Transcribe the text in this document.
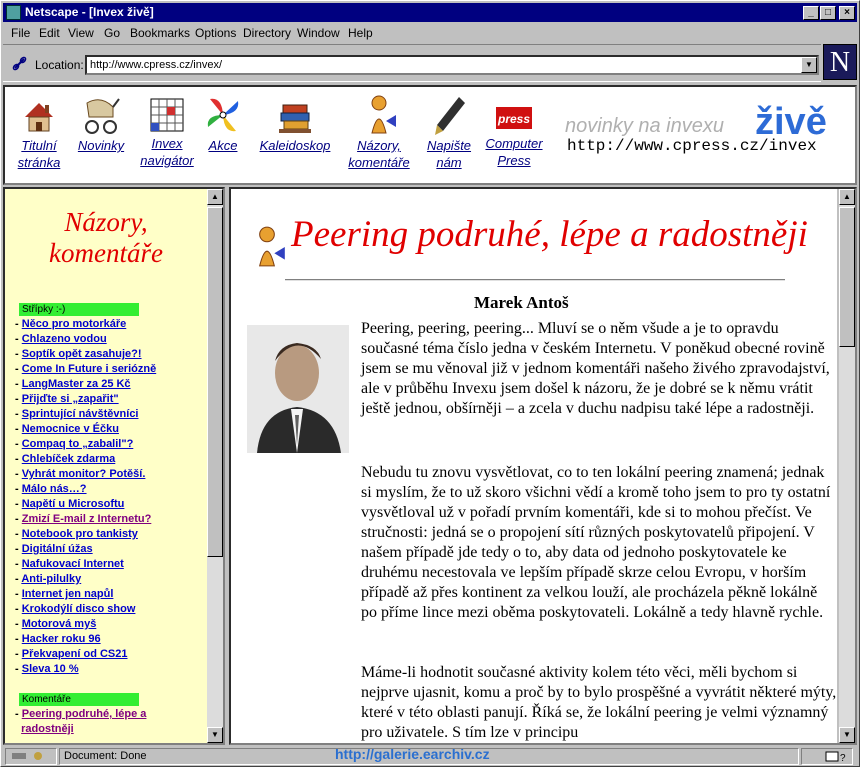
Netscape - [Invex živě]	_	□	×
File Edit View Go Bookmarks Options Directory Window Help
Location: http://www.cpress.cz/invex/	▼ N
Titulní
stránka
Novinky	Invex
navigátor
Akce	Kaleidoskop	Názory,
komentáře
Napište
nám
press
Computer
Press
novinky na invexu živě
http://www.cpress.cz/invex
Názory,
komentáře
Střípky :-)
- Něco pro motorkáře
- Chlazeno vodou
- Soptík opět zasahuje?!
- Come In Future i seriózně
- LangMaster za 25 Kč
- Přijďte si „zapařit"
- Sprintující návštěvníci
- Nemocnice v Éčku
- Compaq to „zabalil"?
- Chlebíček zdarma
- Vyhrát monitor? Potěší.
- Málo nás…?
- Napětí u Microsoftu
- Zmizí E-mail z Internetu?
- Notebook pro tankisty
- Digitální úžas
- Nafukovací Internet
- Anti-pilulky
- Internet jen napůl
- Krokodýlí disco show
- Motorová myš
- Hacker roku 96
- Překvapení od CS21
- Sleva 10 %
Komentáře
- Peering podruhé, lépe a
radostněji
▲
▼
Peering podruhé, lépe a radostněji
Marek Antoš
Peering, peering, peering... Mluví se o něm všude a je to opravdu současné téma číslo jedna v českém Internetu. V poněkud obecné rovině jsem se mu věnoval již v jednom komentáři našeho živého zpravodajství, ale v průběhu Invexu jsem došel k názoru, že je dobré se k němu vrátit ještě jednou, obšírněji – a zcela v duchu nadpisu také lépe a radostněji.
Nebudu tu znovu vysvětlovat, co to ten lokální peering znamená; jednak si myslím, že to už skoro všichni vědí a kromě toho jsem to pro ty ostatní vysvětloval už v pořadí prvním komentáři, kde si to mohou přečíst. Ve stručnosti: jedná se o propojení sítí různých poskytovatelů připojení. V našem případě jde tedy o to, aby data od jednoho poskytovatele ke druhému necestovala ve lepším případě skrze celou Evropu, v horším případě až přes kontinent za velkou louží, ale procházela pěkně lokálně po příme lince mezi oběma poskytovateli. Lokálně a tedy hlavně rychle.
Máme-li hodnotit současné aktivity kolem této věci, měli bychom si nejprve ujasnit, komu a proč by to bylo prospěšné a vyvrátit některé mýty, které v této oblasti panují. Říká se, že lokální peering je velmi významný pro uživatele. S tím lze v principu
▲
▼
Document: Done	?
http://galerie.earchiv.cz
